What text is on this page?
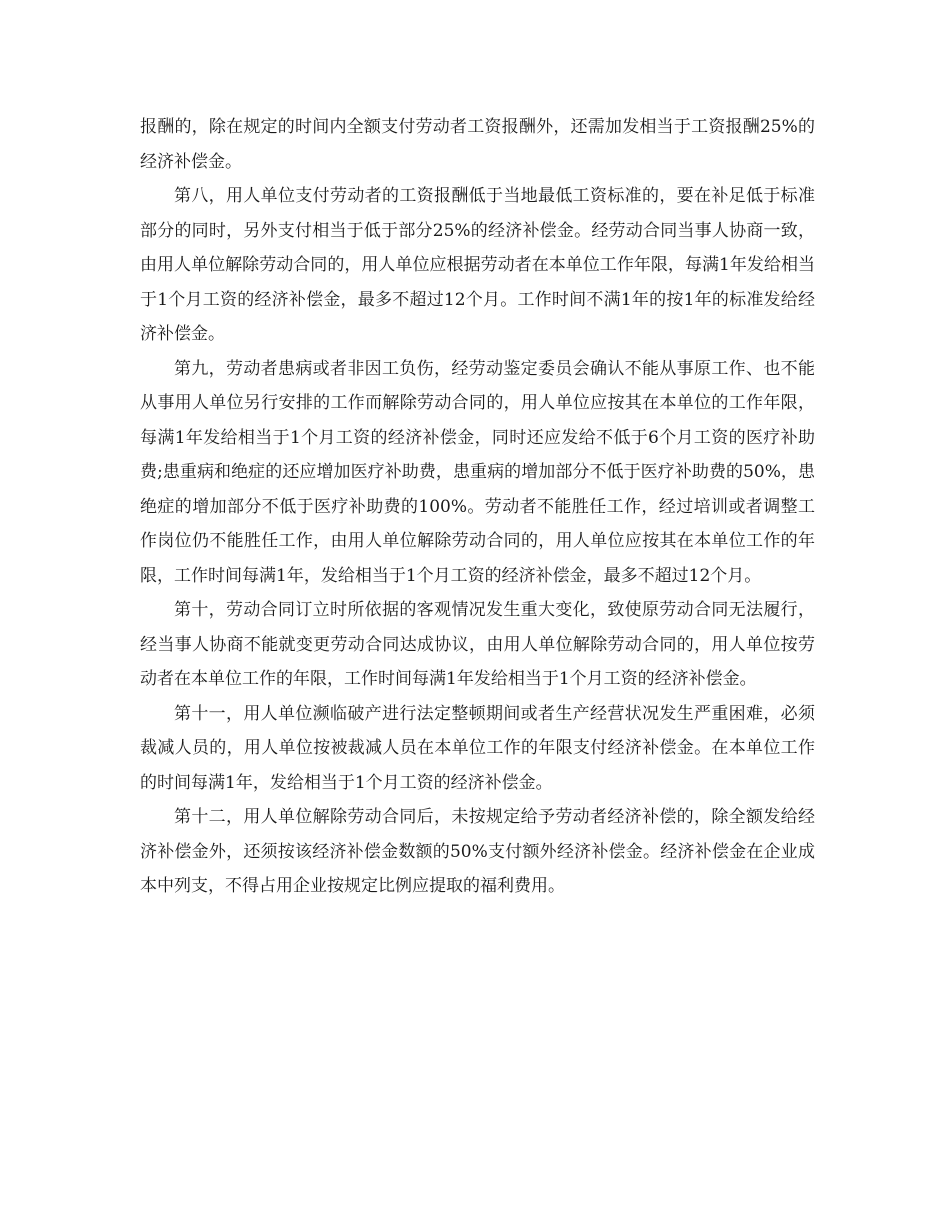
报酬的，除在规定的时间内全额支付劳动者工资报酬外，还需加发相当于工资报酬25%的经济补偿金。

第八，用人单位支付劳动者的工资报酬低于当地最低工资标准的，要在补足低于标准部分的同时，另外支付相当于低于部分25%的经济补偿金。经劳动合同当事人协商一致，由用人单位解除劳动合同的，用人单位应根据劳动者在本单位工作年限，每满1年发给相当于1个月工资的经济补偿金，最多不超过12个月。工作时间不满1年的按1年的标准发给经济补偿金。

第九，劳动者患病或者非因工负伤，经劳动鉴定委员会确认不能从事原工作、也不能从事用人单位另行安排的工作而解除劳动合同的，用人单位应按其在本单位的工作年限，每满1年发给相当于1个月工资的经济补偿金，同时还应发给不低于6个月工资的医疗补助费;患重病和绝症的还应增加医疗补助费，患重病的增加部分不低于医疗补助费的50%，患绝症的增加部分不低于医疗补助费的100%。劳动者不能胜任工作，经过培训或者调整工作岗位仍不能胜任工作，由用人单位解除劳动合同的，用人单位应按其在本单位工作的年限，工作时间每满1年，发给相当于1个月工资的经济补偿金，最多不超过12个月。

第十，劳动合同订立时所依据的客观情况发生重大变化，致使原劳动合同无法履行，经当事人协商不能就变更劳动合同达成协议，由用人单位解除劳动合同的，用人单位按劳动者在本单位工作的年限，工作时间每满1年发给相当于1个月工资的经济补偿金。

第十一，用人单位濒临破产进行法定整顿期间或者生产经营状况发生严重困难，必须裁减人员的，用人单位按被裁减人员在本单位工作的年限支付经济补偿金。在本单位工作的时间每满1年，发给相当于1个月工资的经济补偿金。

第十二，用人单位解除劳动合同后，未按规定给予劳动者经济补偿的，除全额发给经济补偿金外，还须按该经济补偿金数额的50%支付额外经济补偿金。经济补偿金在企业成本中列支，不得占用企业按规定比例应提取的福利费用。
